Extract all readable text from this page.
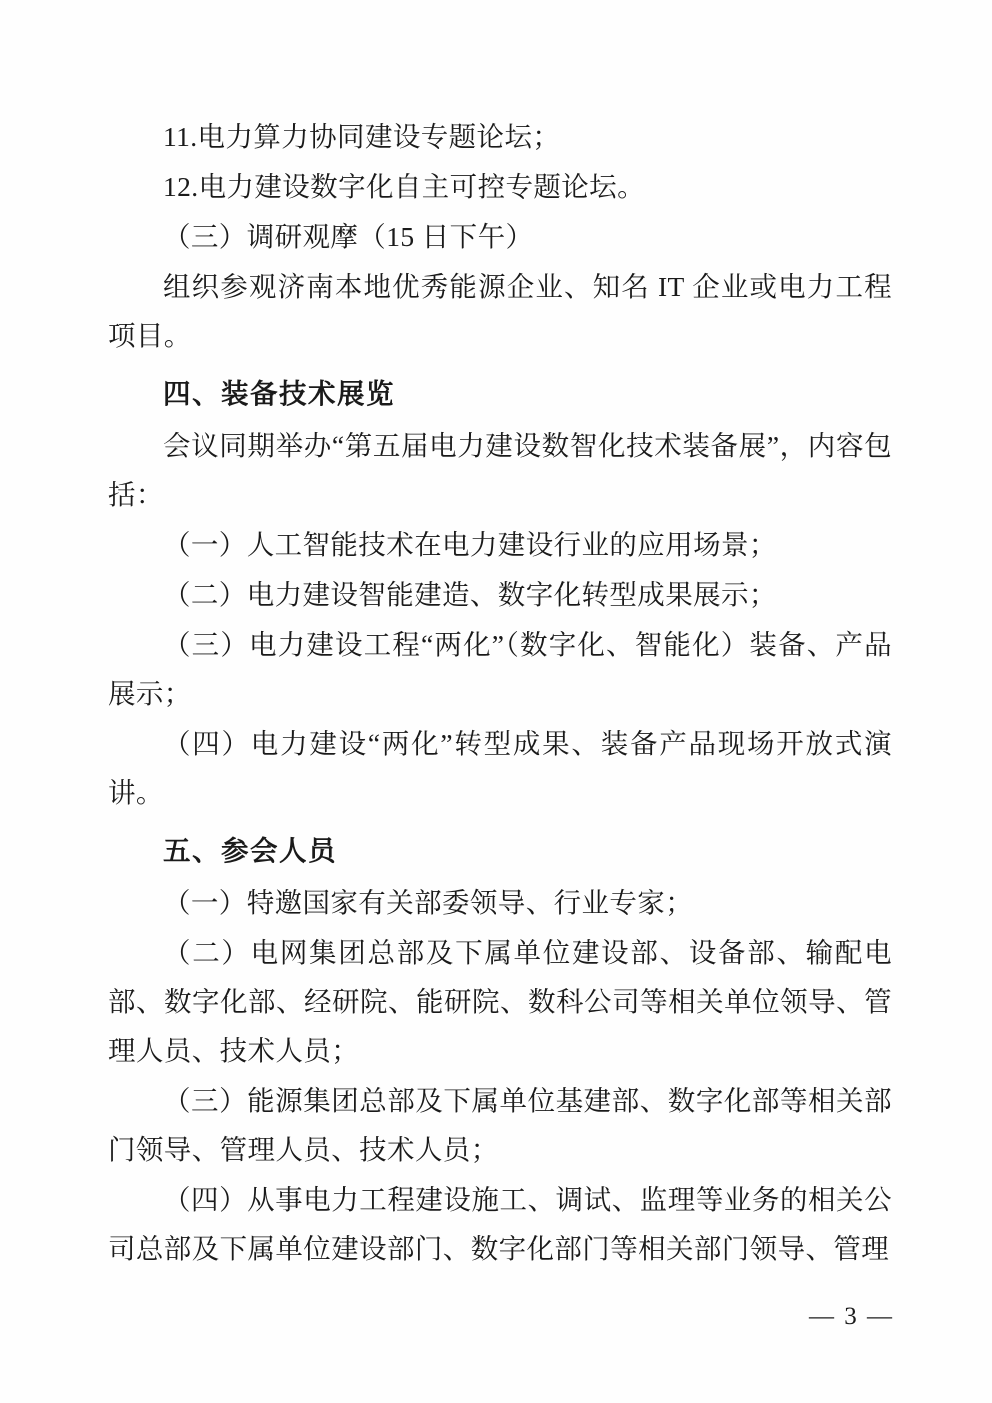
11.电力算力协同建设专题论坛；

12.电力建设数字化自主可控专题论坛。

（三）调研观摩（15 日下午）

组织参观济南本地优秀能源企业、知名 IT 企业或电力工程项目。

四、装备技术展览

会议同期举办“第五届电力建设数智化技术装备展”，内容包括：

（一）人工智能技术在电力建设行业的应用场景；

（二）电力建设智能建造、数字化转型成果展示；

（三）电力建设工程“两化”（数字化、智能化）装备、产品展示；

（四）电力建设“两化”转型成果、装备产品现场开放式演讲。

五、参会人员

（一）特邀国家有关部委领导、行业专家；

（二）电网集团总部及下属单位建设部、设备部、输配电部、数字化部、经研院、能研院、数科公司等相关单位领导、管理人员、技术人员；

（三）能源集团总部及下属单位基建部、数字化部等相关部门领导、管理人员、技术人员；

（四）从事电力工程建设施工、调试、监理等业务的相关公司总部及下属单位建设部门、数字化部门等相关部门领导、管理

— 3 —
